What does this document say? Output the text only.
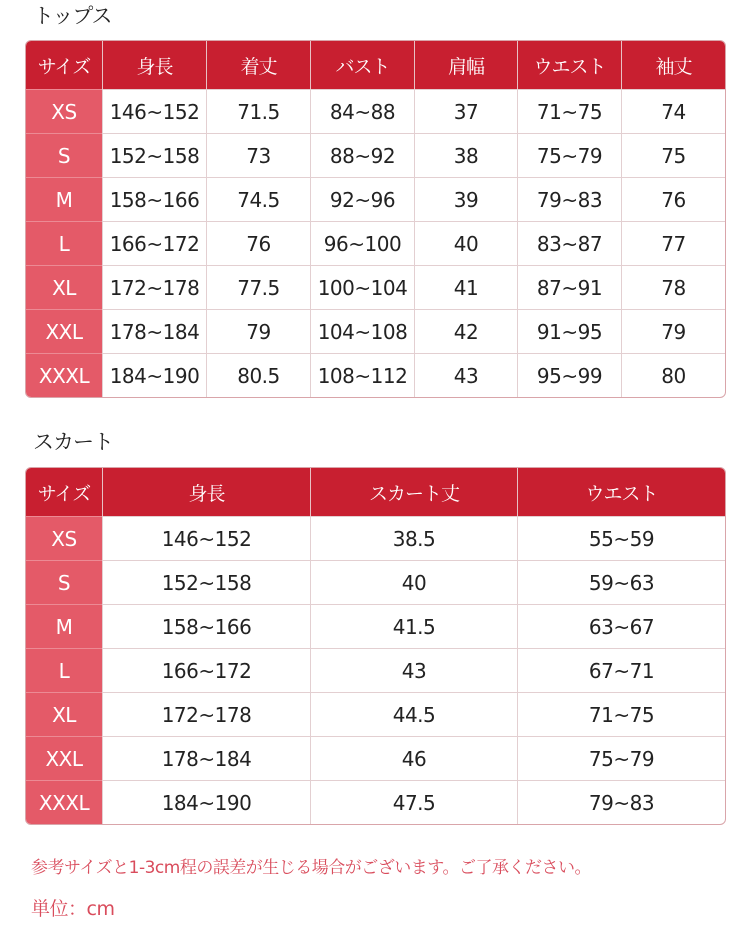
トップス
サイズ	身長	着丈	バスト	肩幅	ウエスト	袖丈
XS	146~152	71.5	84~88	37	71~75	74
S	152~158	73	88~92	38	75~79	75
M	158~166	74.5	92~96	39	79~83	76
L	166~172	76	96~100	40	83~87	77
XL	172~178	77.5	100~104	41	87~91	78
XXL	178~184	79	104~108	42	91~95	79
XXXL	184~190	80.5	108~112	43	95~99	80
スカート
サイズ	身長	スカート丈	ウエスト
XS	146~152	38.5	55~59
S	152~158	40	59~63
M	158~166	41.5	63~67
L	166~172	43	67~71
XL	172~178	44.5	71~75
XXL	178~184	46	75~79
XXXL	184~190	47.5	79~83
参考サイズと1-3cm程の誤差が生じる場合がございます。ご了承ください。
単位：cm
